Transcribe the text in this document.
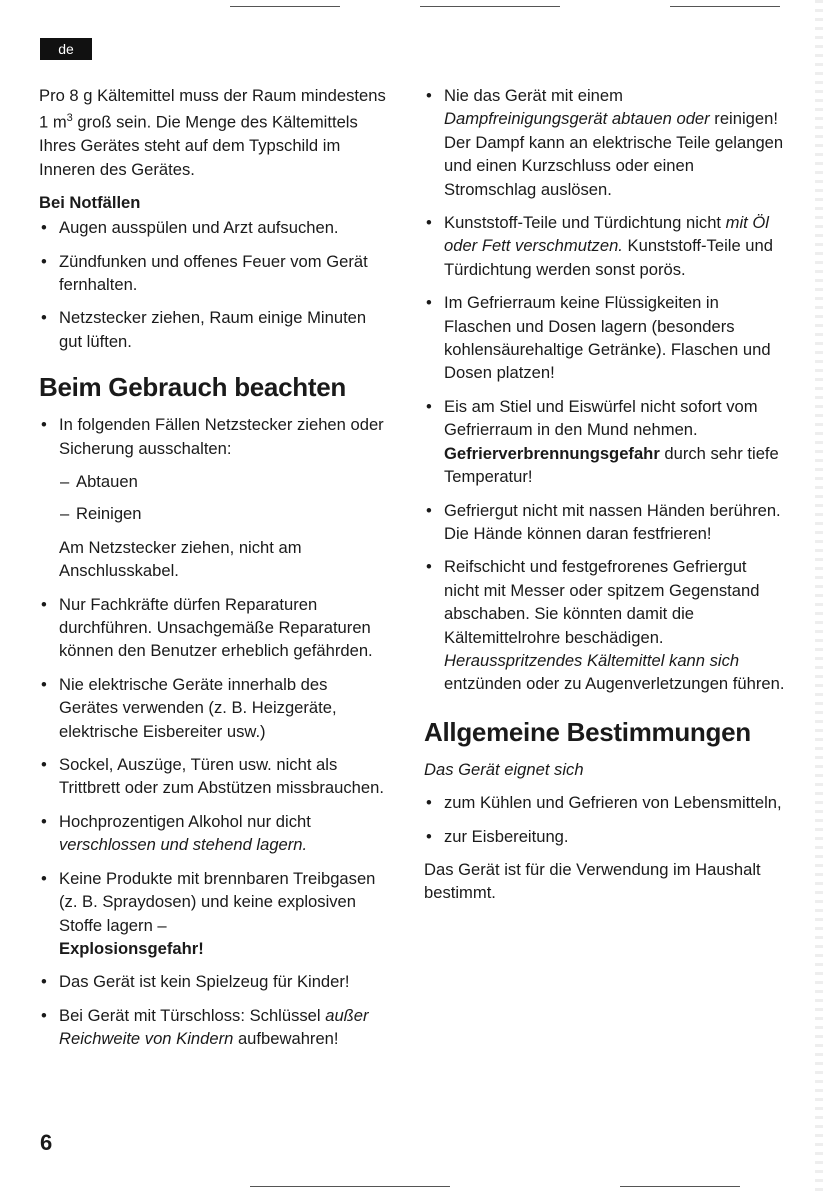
de

Pro 8 g Kältemittel muss der Raum mindestens 1 $m^3$ groß sein. Die Menge des Kältemittels Ihres Gerätes steht auf dem Typschild im Inneren des Gerätes.

Bei Notfällen
• Augen ausspülen und Arzt aufsuchen.
• Zündfunken und offenes Feuer vom Gerät fernhalten.
• Netzstecker ziehen, Raum einige Minuten gut lüften.
Beim Gebrauch beachten
• In folgenden Fällen Netzstecker ziehen oder Sicherung ausschalten:
– Abtauen
– Reinigen

Am Netzstecker ziehen, nicht am Anschlusskabel.

• Nur Fachkräfte dürfen Reparaturen durchführen. Unsachgemäße Reparaturen können den Benutzer erheblich gefährden.
• Nie elektrische Geräte innerhalb des Gerätes verwenden (z. B. Heizgeräte, elektrische Eisbereiter usw.)
• Sockel, Auszüge, Türen usw. nicht als Trittbrett oder zum Abstützen missbrauchen.
• Hochprozentigen Alkohol nur dicht verschlossen und stehend lagern.
• Keine Produkte mit brennbaren Treibgasen (z. B. Spraydosen) und keine explosiven Stoffe lagern –
Explosionsgefahr!
• Das Gerät ist kein Spielzeug für Kinder!
• Bei Gerät mit Türschloss: Schlüssel außer Reichweite von Kindern aufbewahren!
• Nie das Gerät mit einem Dampfreinigungsgerät abtauen oder reinigen! Der Dampf kann an elektrische Teile gelangen und einen Kurzschluss oder einen Stromschlag auslösen.
• Kunststoff-Teile und Türdichtung nicht mit Öl oder Fett verschmutzen. Kunststoff-Teile und Türdichtung werden sonst porös.
• Im Gefrierraum keine Flüssigkeiten in Flaschen und Dosen lagern (besonders kohlensäurehaltige Getränke). Flaschen und Dosen platzen!
• Eis am Stiel und Eiswürfel nicht sofort vom Gefrierraum in den Mund nehmen. Gefrierverbrennungsgefahr durch sehr tiefe Temperatur!
• Gefriergut nicht mit nassen Händen berühren. Die Hände können daran festfrieren!
• Reifschicht und festgefrorenes Gefriergut nicht mit Messer oder spitzem Gegenstand abschaben. Sie könnten damit die Kältemittelrohre beschädigen. Herausspritzendes Kältemittel kann sich entzünden oder zu Augenverletzungen führen.
Allgemeine Bestimmungen

Das Gerät eignet sich

• zum Kühlen und Gefrieren von Lebensmitteln,
• zur Eisbereitung.

Das Gerät ist für die Verwendung im Haushalt bestimmt.

6
